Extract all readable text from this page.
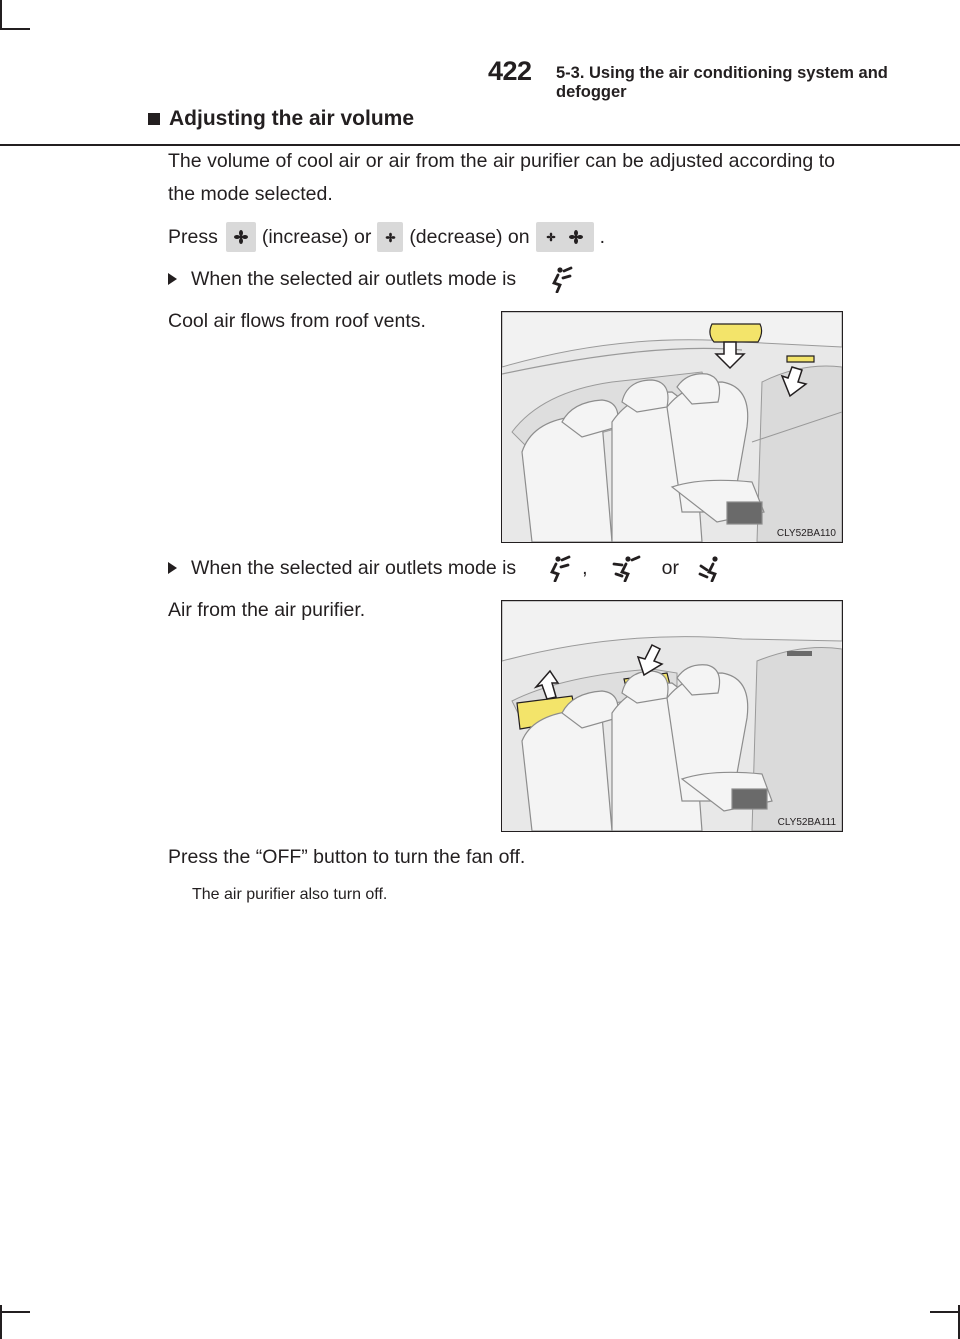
422 5-3. Using the air conditioning system and defogger
Adjusting the air volume
The volume of cool air or air from the air purifier can be adjusted according to the mode selected.
Press (increase) or (decrease) on	.
When the selected air outlets mode is
Cool air flows from roof vents.
CLY52BA110
When the selected air outlets mode is	,	or
Air from the air purifier.
CLY52BA111
Press the “OFF” button to turn the fan off.
The air purifier also turn off.
